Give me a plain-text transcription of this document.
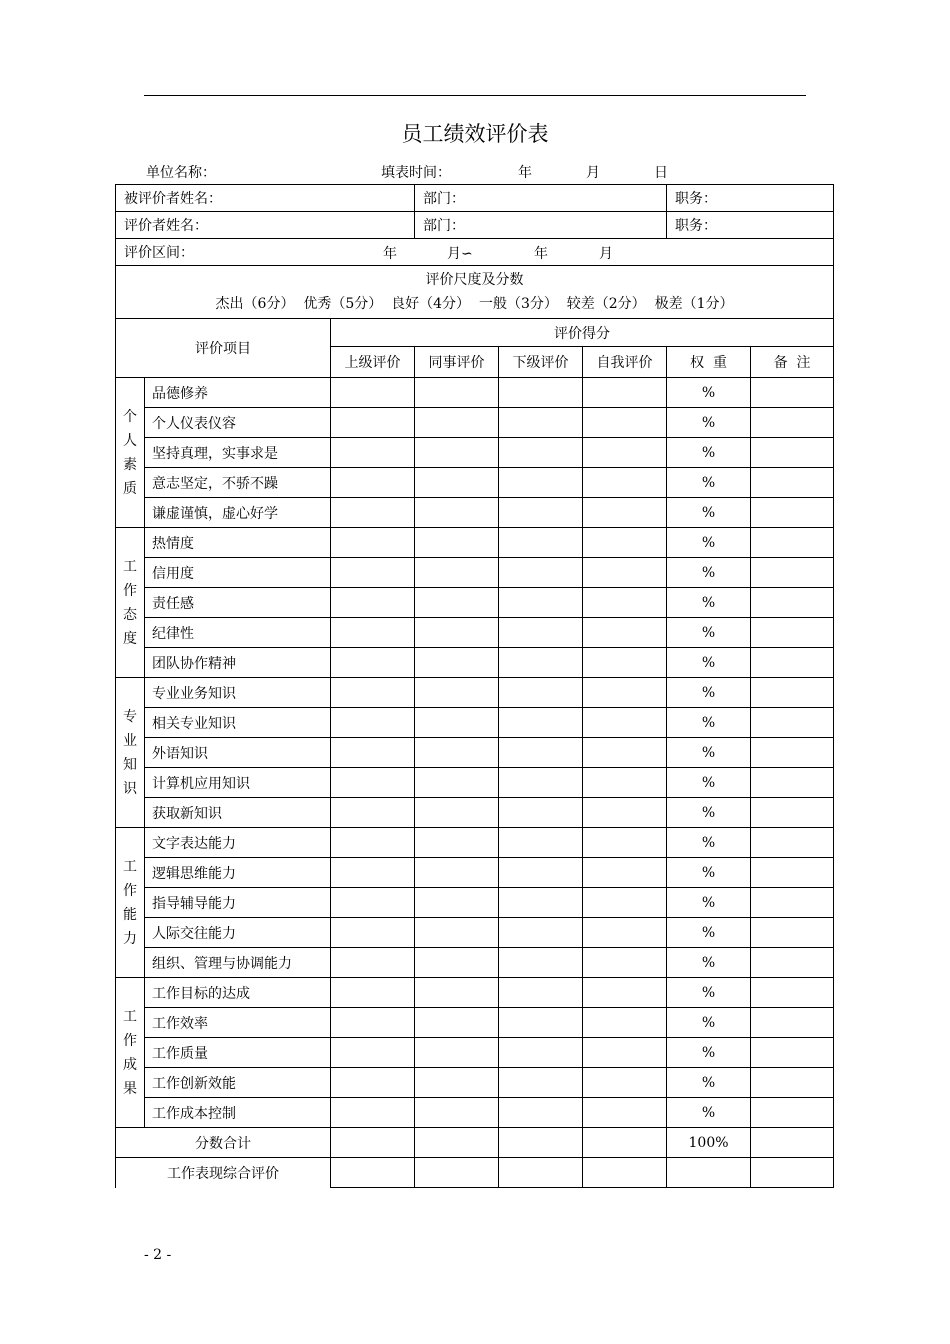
员工绩效评价表
单位名称：	填表时间：	年	月	日
被评价者姓名：			部门：			职务：	
评价者姓名：			部门：			职务：	
评价区间： 年 月∽ 年 月							

评价尺度及分数
杰出（6分）  优秀（5分）  良好（4分）  一般（3分）  较差（2分）  极差（1分）							

评价项目		评价得分					
		上级评价	同事评价	下级评价	自我评价	权  重	备  注

个人素质	品德修养					%	
	个人仪表仪容					%	
	坚持真理，实事求是					%	
	意志坚定，不骄不躁					%	
	谦虚谨慎，虚心好学					%	

工作态度	热情度					%	
	信用度					%	
	责任感					%	
	纪律性					%	
	团队协作精神					%	

专业知识	专业业务知识					%	
	相关专业知识					%	
	外语知识					%	
	计算机应用知识					%	
	获取新知识					%	

工作能力	文字表达能力					%	
	逻辑思维能力					%	
	指导辅导能力					%	
	人际交往能力					%	
	组织、管理与协调能力					%	

工作成果	工作目标的达成					%	
	工作效率					%	
	工作质量					%	
	工作创新效能					%	
	工作成本控制					%	
分数合计						100%	
工作表现综合评价							
- 2 -
